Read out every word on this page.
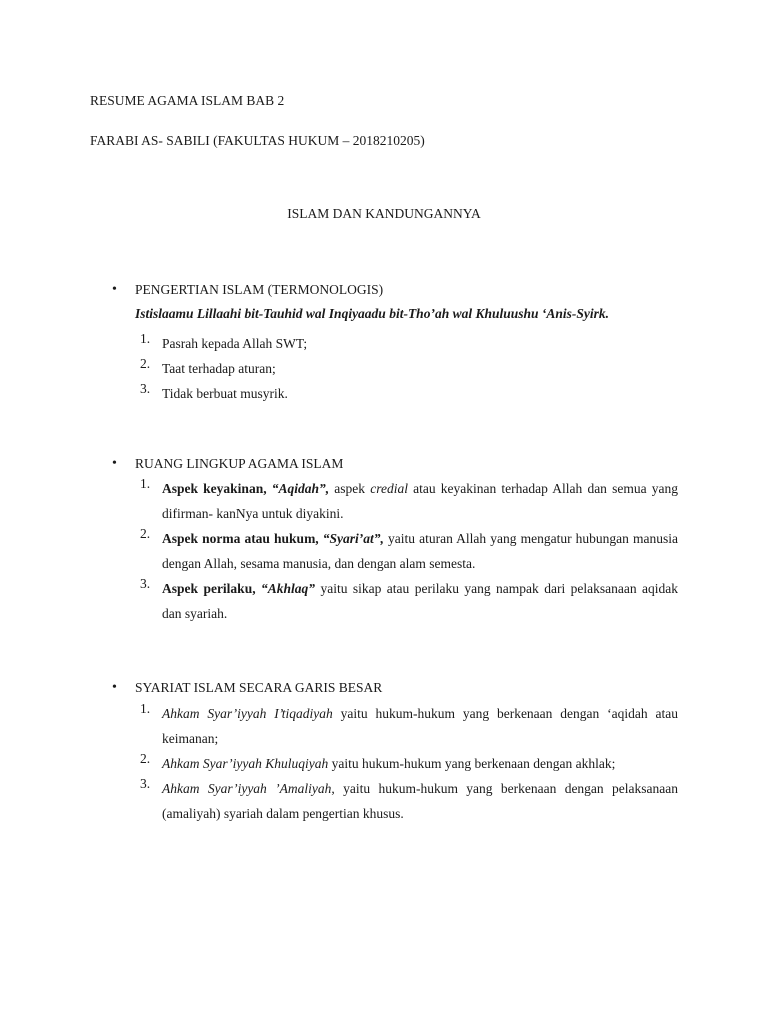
RESUME AGAMA ISLAM BAB 2
FARABI AS- SABILI (FAKULTAS HUKUM – 2018210205)
ISLAM DAN KANDUNGANNYA
• PENGERTIAN ISLAM (TERMONOLOGIS)
Istislaamu Lillaahi bit-Tauhid wal Inqiyaadu bit-Tho’ah wal Khuluushu ‘Anis-Syirk.
1. Pasrah kepada Allah SWT;
2. Taat terhadap aturan;
3. Tidak berbuat musyrik.
• RUANG LINGKUP AGAMA ISLAM
1. Aspek keyakinan, “Aqidah”, aspek credial atau keyakinan terhadap Allah dan semua yang difirman- kanNya untuk diyakini.
2. Aspek norma atau hukum, “Syari’at”, yaitu aturan Allah yang mengatur hubungan manusia dengan Allah, sesama manusia, dan dengan alam semesta.
3. Aspek perilaku, “Akhlaq” yaitu sikap atau perilaku yang nampak dari pelaksanaan aqidak dan syariah.
• SYARIAT ISLAM SECARA GARIS BESAR
1. Ahkam Syar’iyyah I’tiqadiyah yaitu hukum-hukum yang berkenaan dengan ‘aqidah atau keimanan;
2. Ahkam Syar’iyyah Khuluqiyah yaitu hukum-hukum yang berkenaan dengan akhlak;
3. Ahkam Syar’iyyah ’Amaliyah, yaitu hukum-hukum yang berkenaan dengan pelaksanaan (amaliyah) syariah dalam pengertian khusus.
